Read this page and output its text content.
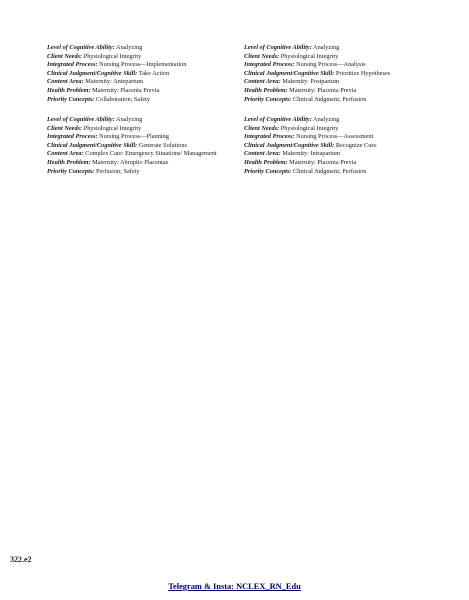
Level of Cognitive Ability: Analyzing
Client Needs: Physiological Integrity
Integrated Process: Nursing Process—Implementation
Clinical Judgment/Cognitive Skill: Take Action
Content Area: Maternity: Antepartum
Health Problem: Maternity: Placenta Previa
Priority Concepts: Collaboration; Safety
Level of Cognitive Ability: Analyzing
Client Needs: Physiological Integrity
Integrated Process: Nursing Process—Analysis
Clinical Judgment/Cognitive Skill: Prioritize Hypotheses
Content Area: Maternity: Postpartum
Health Problem: Maternity: Placenta Previa
Priority Concepts: Clinical Judgment; Perfusion
Level of Cognitive Ability: Analyzing
Client Needs: Physiological Integrity
Integrated Process: Nursing Process—Planning
Clinical Judgment/Cognitive Skill: Generate Solutions
Content Area: Complex Care: Emergency Situations/ Management
Health Problem: Maternity: Abruptio Placentae
Priority Concepts: Perfusion; Safety
Level of Cognitive Ability: Analyzing
Client Needs: Physiological Integrity
Integrated Process: Nursing Process—Assessment
Clinical Judgment/Cognitive Skill: Recognize Cues
Content Area: Maternity: Intrapartum
Health Problem: Maternity: Placenta Previa
Priority Concepts: Clinical Judgment; Perfusion
322.e2
Telegram & Insta: NCLEX_RN_Edu
